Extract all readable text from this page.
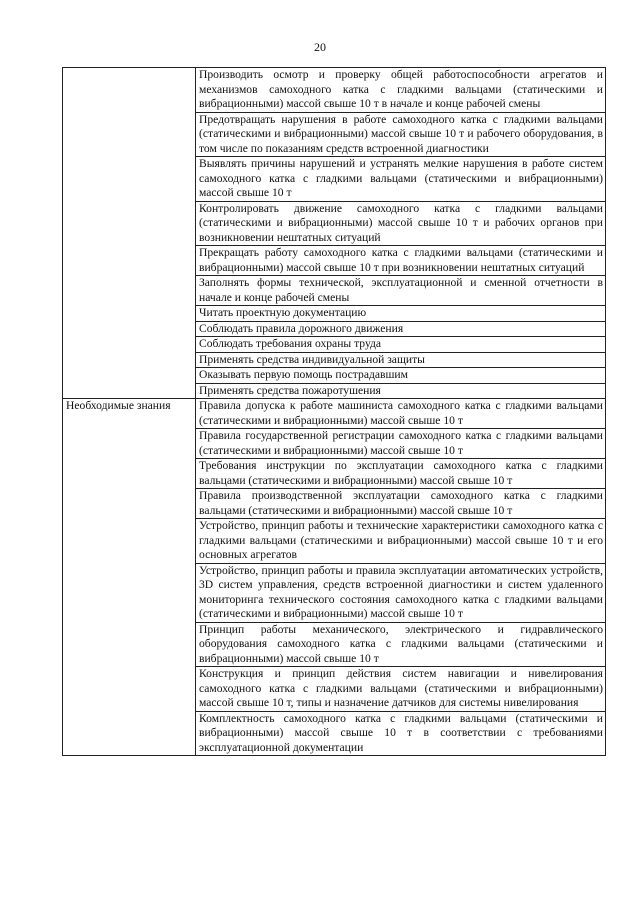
20
	Производить осмотр и проверку общей работоспособности агрегатов и механизмов самоходного катка с гладкими вальцами (статическими и вибрационными) массой свыше 10 т в начале и конце рабочей смены
	Предотвращать нарушения в работе самоходного катка с гладкими вальцами (статическими и вибрационными) массой свыше 10 т и рабочего оборудования, в том числе по показаниям средств встроенной диагностики
	Выявлять причины нарушений и устранять мелкие нарушения в работе систем самоходного катка с гладкими вальцами (статическими и вибрационными) массой свыше 10 т
	Контролировать движение самоходного катка с гладкими вальцами (статическими и вибрационными) массой свыше 10 т и рабочих органов при возникновении нештатных ситуаций
	Прекращать работу самоходного катка с гладкими вальцами (статическими и вибрационными) массой свыше 10 т при возникновении нештатных ситуаций
	Заполнять формы технической, эксплуатационной и сменной отчетности в начале и конце рабочей смены
	Читать проектную документацию
	Соблюдать правила дорожного движения
	Соблюдать требования охраны труда
	Применять средства индивидуальной защиты
	Оказывать первую помощь пострадавшим
	Применять средства пожаротушения
Необходимые знания	Правила допуска к работе машиниста самоходного катка с гладкими вальцами (статическими и вибрационными) массой свыше 10 т
	Правила государственной регистрации самоходного катка с гладкими вальцами (статическими и вибрационными) массой свыше 10 т
	Требования инструкции по эксплуатации самоходного катка с гладкими вальцами (статическими и вибрационными) массой свыше 10 т
	Правила производственной эксплуатации самоходного катка с гладкими вальцами (статическими и вибрационными) массой свыше 10 т
	Устройство, принцип работы и технические характеристики самоходного катка с гладкими вальцами (статическими и вибрационными) массой свыше 10 т и его основных агрегатов
	Устройство, принцип работы и правила эксплуатации автоматических устройств, 3D систем управления, средств встроенной диагностики и систем удаленного мониторинга технического состояния самоходного катка с гладкими вальцами (статическими и вибрационными) массой свыше 10 т
	Принцип работы механического, электрического и гидравлического оборудования самоходного катка с гладкими вальцами (статическими и вибрационными) массой свыше 10 т
	Конструкция и принцип действия систем навигации и нивелирования самоходного катка с гладкими вальцами (статическими и вибрационными) массой свыше 10 т, типы и назначение датчиков для системы нивелирования
	Комплектность самоходного катка с гладкими вальцами (статическими и вибрационными) массой свыше 10 т в соответствии с требованиями эксплуатационной документации
